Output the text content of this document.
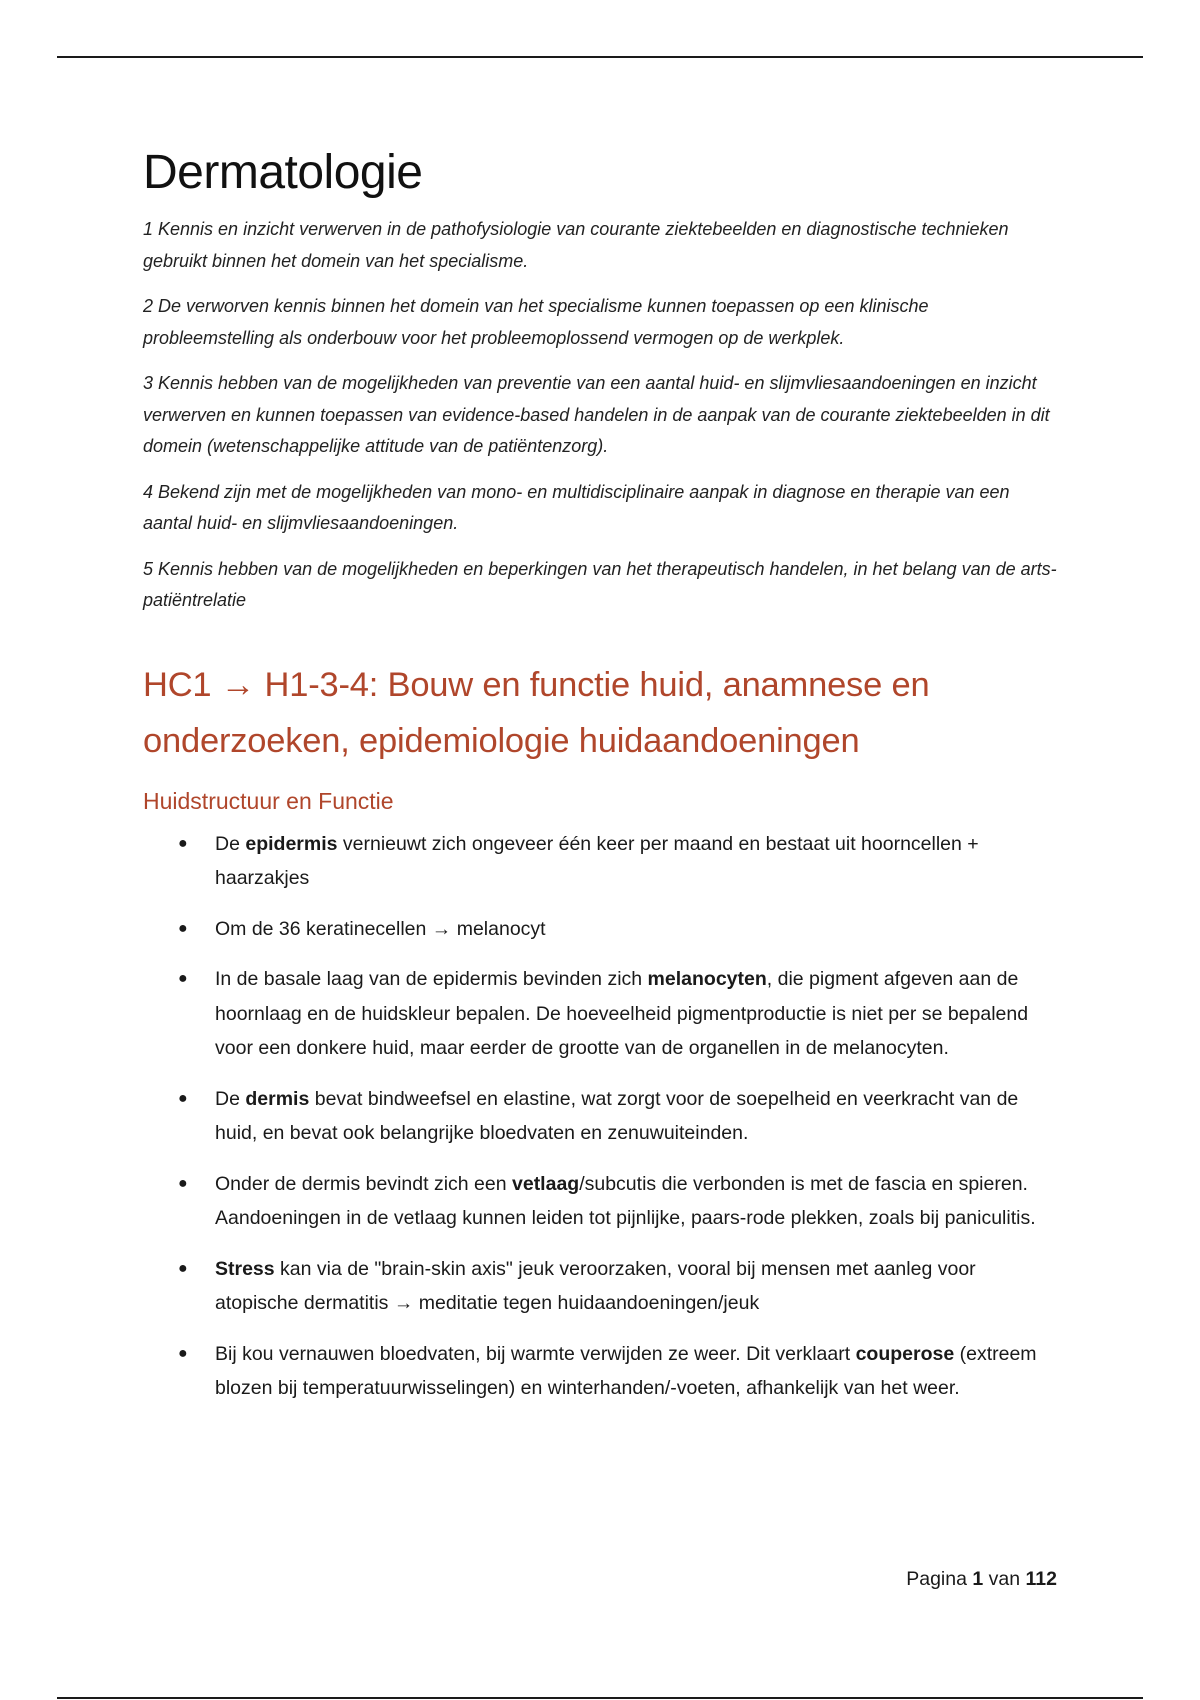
Dermatologie

1 Kennis en inzicht verwerven in de pathofysiologie van courante ziektebeelden en diagnostische technieken gebruikt binnen het domein van het specialisme.

2 De verworven kennis binnen het domein van het specialisme kunnen toepassen op een klinische probleemstelling als onderbouw voor het probleemoplossend vermogen op de werkplek.

3 Kennis hebben van de mogelijkheden van preventie van een aantal huid- en slijmvliesaandoeningen en inzicht verwerven en kunnen toepassen van evidence-based handelen in de aanpak van de courante ziektebeelden in dit domein (wetenschappelijke attitude van de patiëntenzorg).

4 Bekend zijn met de mogelijkheden van mono- en multidisciplinaire aanpak in diagnose en therapie van een aantal huid- en slijmvliesaandoeningen.

5 Kennis hebben van de mogelijkheden en beperkingen van het therapeutisch handelen, in het belang van de arts-patiëntrelatie

HC1 → H1-3-4: Bouw en functie huid, anamnese en onderzoeken, epidemiologie huidaandoeningen
Huidstructuur en Functie
● De epidermis vernieuwt zich ongeveer één keer per maand en bestaat uit hoorncellen + haarzakjes
● Om de 36 keratinecellen → melanocyt
● In de basale laag van de epidermis bevinden zich melanocyten, die pigment afgeven aan de hoornlaag en de huidskleur bepalen. De hoeveelheid pigmentproductie is niet per se bepalend voor een donkere huid, maar eerder de grootte van de organellen in de melanocyten.
● De dermis bevat bindweefsel en elastine, wat zorgt voor de soepelheid en veerkracht van de huid, en bevat ook belangrijke bloedvaten en zenuwuiteinden.
● Onder de dermis bevindt zich een vetlaag/subcutis die verbonden is met de fascia en spieren. Aandoeningen in de vetlaag kunnen leiden tot pijnlijke, paars-rode plekken, zoals bij paniculitis.
● Stress kan via de "brain-skin axis" jeuk veroorzaken, vooral bij mensen met aanleg voor atopische dermatitis → meditatie tegen huidaandoeningen/jeuk
● Bij kou vernauwen bloedvaten, bij warmte verwijden ze weer. Dit verklaart couperose (extreem blozen bij temperatuurwisselingen) en winterhanden/-voeten, afhankelijk van het weer.
Pagina 1 van 112
